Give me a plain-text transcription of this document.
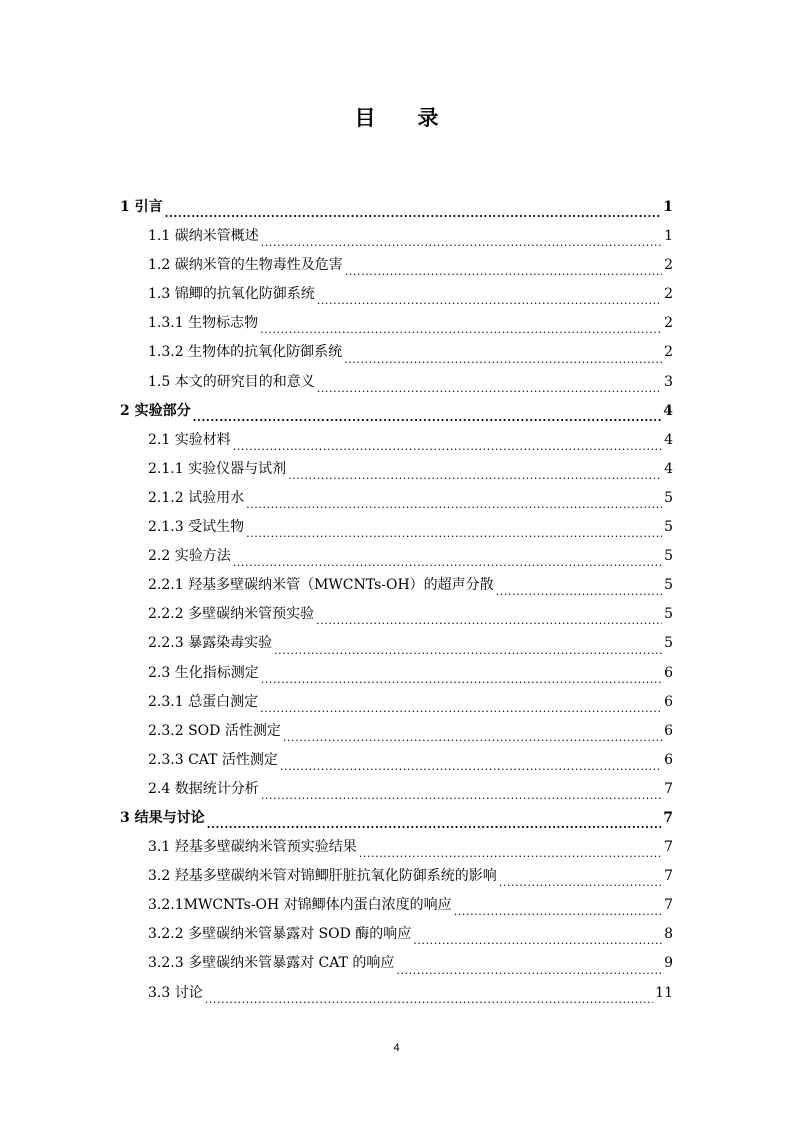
目 录
1 引言 .....	1
1.1 碳纳米管概述 .....	1
1.2 碳纳米管的生物毒性及危害 .....	2
1.3 锦鲫的抗氧化防御系统 .....	2
1.3.1 生物标志物 .....	2
1.3.2 生物体的抗氧化防御系统 .....	2
1.5 本文的研究目的和意义 .....	3
2 实验部分 .....	4
2.1 实验材料 .....	4
2.1.1 实验仪器与试剂 .....	4
2.1.2 试验用水 .....	5
2.1.3 受试生物 .....	5
2.2 实验方法 .....	5
2.2.1 羟基多壁碳纳米管（MWCNTs-OH）的超声分散 .....	5
2.2.2 多壁碳纳米管预实验 .....	5
2.2.3 暴露染毒实验 .....	5
2.3 生化指标测定 .....	6
2.3.1 总蛋白测定 .....	6
2.3.2 SOD 活性测定 .....	6
2.3.3 CAT 活性测定 .....	6
2.4 数据统计分析 .....	7
3 结果与讨论 .....	7
3.1 羟基多壁碳纳米管预实验结果 .....	7
3.2 羟基多壁碳纳米管对锦鲫肝脏抗氧化防御系统的影响 .....	7
3.2.1MWCNTs-OH 对锦鲫体内蛋白浓度的响应 .....	7
3.2.2 多壁碳纳米管暴露对 SOD 酶的响应 .....	8
3.2.3 多壁碳纳米管暴露对 CAT 的响应 .....	9
3.3 讨论 .....	11

4
